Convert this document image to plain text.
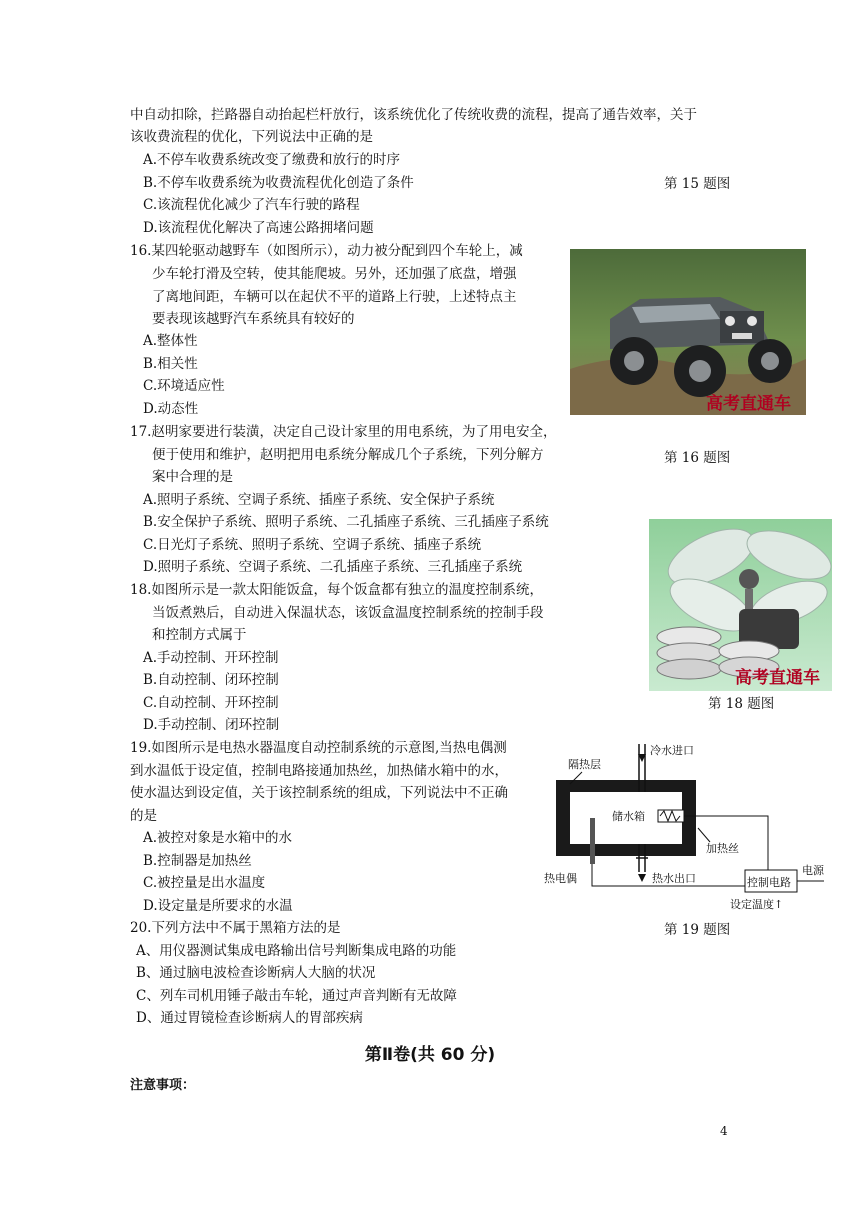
中自动扣除，拦路器自动抬起栏杆放行，该系统优化了传统收费的流程，提高了通告效率，关于
该收费流程的优化，下列说法中正确的是
A.不停车收费系统改变了缴费和放行的时序
B.不停车收费系统为收费流程优化创造了条件
C.该流程优化减少了汽车行驶的路程
D.该流程优化解决了高速公路拥堵问题
第 15 题图
16.某四轮驱动越野车（如图所示），动力被分配到四个车轮上，减
少车轮打滑及空转，使其能爬坡。另外，还加强了底盘，增强
了离地间距，车辆可以在起伏不平的道路上行驶，上述特点主
要表现该越野汽车系统具有较好的
A.整体性
B.相关性
C.环境适应性
D.动态性	高考直通车
第 16 题图
17.赵明家要进行装潢，决定自己设计家里的用电系统，为了用电安全，
便于使用和维护，赵明把用电系统分解成几个子系统，下列分解方
案中合理的是
A.照明子系统、空调子系统、插座子系统、安全保护子系统
B.安全保护子系统、照明子系统、二孔插座子系统、三孔插座子系统
C.日光灯子系统、照明子系统、空调子系统、插座子系统
D.照明子系统、空调子系统、二孔插座子系统、三孔插座子系统
18.如图所示是一款太阳能饭盒，每个饭盒都有独立的温度控制系统，
当饭煮熟后，自动进入保温状态，该饭盒温度控制系统的控制手段
和控制方式属于
A.手动控制、开环控制
B.自动控制、闭环控制
C.自动控制、开环控制
D.手动控制、闭环控制
高考直通车
第 18 题图
19.如图所示是电热水器温度自动控制系统的示意图,当热电偶测
到水温低于设定值，控制电路接通加热丝，加热储水箱中的水，
使水温达到设定值，关于该控制系统的组成，下列说法中不正确
的是
A.被控对象是水箱中的水
B.控制器是加热丝
C.被控量是出水温度
D.设定量是所要求的水温
隔热层
冷水进口
储水箱
加热丝
热电偶	热水出口	控制电路
电源
设定温度↑
第 19 题图
20.下列方法中不属于黑箱方法的是
A、用仪器测试集成电路输出信号判断集成电路的功能
B、通过脑电波检查诊断病人大脑的状况
C、列车司机用锤子敲击车轮，通过声音判断有无故障
D、通过胃镜检查诊断病人的胃部疾病
第Ⅱ卷(共 60 分)
注意事项：
4
